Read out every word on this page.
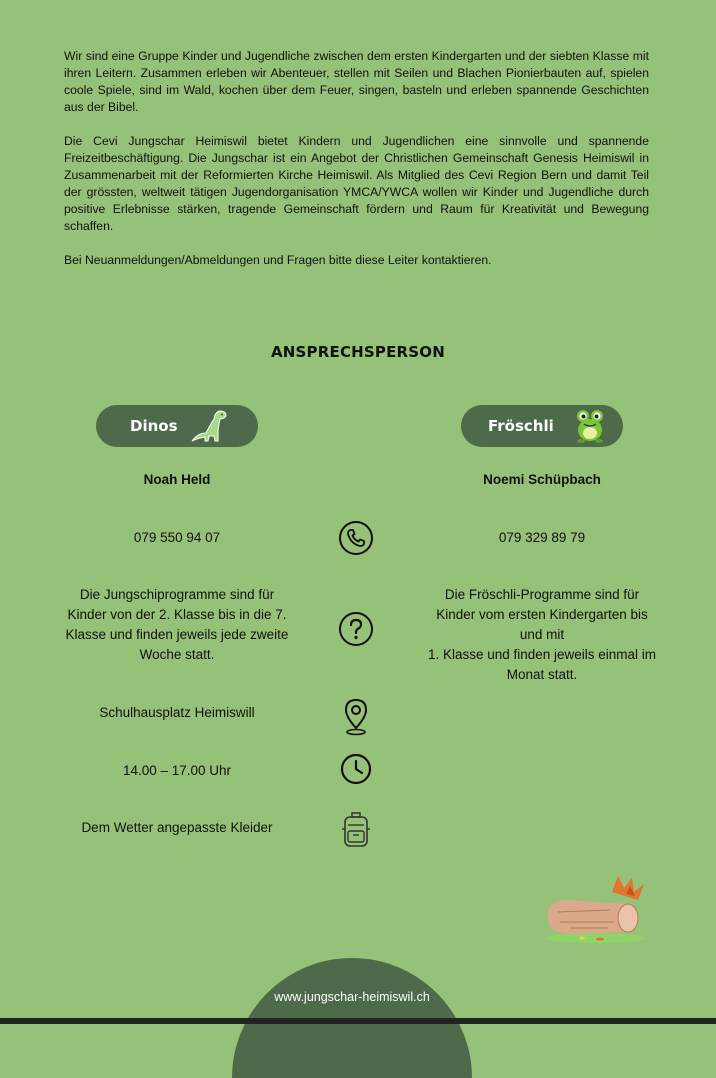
Wir sind eine Gruppe Kinder und Jugendliche zwischen dem ersten Kindergarten und der siebten Klasse mit ihren Leitern. Zusammen erleben wir Abenteuer, stellen mit Seilen und Blachen Pionierbauten auf, spielen coole Spiele, sind im Wald, kochen über dem Feuer, singen, basteln und erleben spannende Geschichten aus der Bibel.

Die Cevi Jungschar Heimiswil bietet Kindern und Jugendlichen eine sinnvolle und spannende Freizeitbeschäftigung. Die Jungschar ist ein Angebot der Christlichen Gemeinschaft Genesis Heimiswil in Zusammenarbeit mit der Reformierten Kirche Heimiswil. Als Mitglied des Cevi Region Bern und damit Teil der grössten, weltweit tätigen Jugendorganisation YMCA/YWCA wollen wir Kinder und Jugendliche durch positive Erlebnisse stärken, tragende Gemeinschaft fördern und Raum für Kreativität und Bewegung schaffen.

Bei Neuanmeldungen/Abmeldungen und Fragen bitte diese Leiter kontaktieren.

ANSPRECHSPERSON
Dinos	Fröschli
Noah Held	Noemi Schüpbach
079 550 94 07	079 329 89 79
Die Jungschiprogramme sind für Kinder von der 2. Klasse bis in die 7. Klasse und finden jeweils jede zweite Woche statt.
Die Fröschli-Programme sind für Kinder vom ersten Kindergarten bis und mit
1. Klasse und finden jeweils einmal im Monat statt.
Schulhausplatz Heimiswill
14.00 – 17.00 Uhr
Dem Wetter angepasste Kleider
www.jungschar-heimiswil.ch
